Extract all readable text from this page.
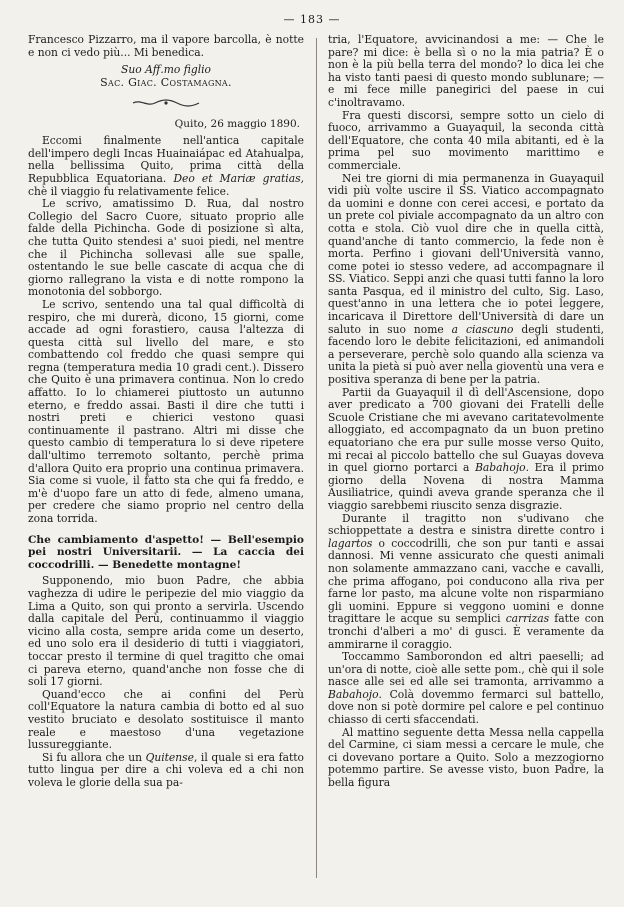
— 183 —

Francesco Pizzarro, ma il vapore barcolla, è notte e non ci vedo più... Mi benedica.

Suo Aff.mo figlio
Sac. Giac. Costamagna.
Quito, 26 maggio 1890.

Eccomi finalmente nell'antica capitale dell'impero degli Incas Huainaiápac ed Atahualpa, nella bellissima Quito, prima città della Repubblica Equatoriana. Deo et Mariæ gratias, chè il viaggio fu relativamente felice.

Le scrivo, amatissimo D. Rua, dal nostro Collegio del Sacro Cuore, situato proprio alle falde della Pichincha. Gode di posizione sì alta, che tutta Quito stendesi a' suoi piedi, nel mentre che il Pichincha sollevasi alle sue spalle, ostentando le sue belle cascate di acqua che di giorno rallegrano la vista e di notte rompono la monotonia del sobborgo.

Le scrivo, sentendo una tal qual difficoltà di respiro, che mi durerà, dicono, 15 giorni, come accade ad ogni forastiero, causa l'altezza di questa città sul livello del mare, e sto combattendo col freddo che quasi sempre qui regna (temperatura media 10 gradi cent.). Dissero che Quito è una primavera continua. Non lo credo affatto. Io lo chiamerei piuttosto un autunno eterno, e freddo assai. Basti il dire che tutti i nostri preti e chierici vestono quasi continuamente il pastrano. Altri mi disse che questo cambio di temperatura lo si deve ripetere dall'ultimo terremoto soltanto, perchè prima d'allora Quito era proprio una continua primavera. Sia come si vuole, il fatto sta che qui fa freddo, e m'è d'uopo fare un atto di fede, almeno umana, per credere che siamo proprio nel centro della zona torrida.

Che cambiamento d'aspetto! — Bell'esempio pei nostri Universitarii. — La caccia dei coccodrilli. — Benedette montagne!

Supponendo, mio buon Padre, che abbia vaghezza di udire le peripezie del mio viaggio da Lima a Quito, son qui pronto a servirla. Uscendo dalla capitale del Perù, continuammo il viaggio vicino alla costa, sempre arida come un deserto, ed uno solo era il desiderio di tutti i viaggiatori, toccar presto il termine di quel tragitto che omai ci pareva eterno, quand'anche non fosse che di soli 17 giorni.

Quand'ecco che ai confini del Perù coll'Equatore la natura cambia di botto ed al suo vestito bruciato e desolato sostituisce il manto reale e maestoso d'una vegetazione lussureggiante.

Si fu allora che un Quitense, il quale si era fatto tutto lingua per dire a chi voleva ed a chi non voleva le glorie della sua pa-

tria, l'Equatore, avvicinandosi a me: — Che le pare? mi dice: è bella sì o no la mia patria? È o non è la più bella terra del mondo? lo dica lei che ha visto tanti paesi di questo mondo sublunare; — e mi fece mille panegirici del paese in cui c'inoltravamo.

Fra questi discorsi, sempre sotto un cielo di fuoco, arrivammo a Guayaquil, la seconda città dell'Equatore, che conta 40 mila abitanti, ed è la prima pel suo movimento marittimo e commerciale.

Nei tre giorni di mia permanenza in Guayaquil vidi più volte uscire il SS. Viatico accompagnato da uomini e donne con cerei accesi, e portato da un prete col piviale accompagnato da un altro con cotta e stola. Ciò vuol dire che in quella città, quand'anche di tanto commercio, la fede non è morta. Perfino i giovani dell'Università vanno, come potei io stesso vedere, ad accompagnare il SS. Viatico. Seppi anzi che quasi tutti fanno la loro santa Pasqua, ed il ministro del culto, Sig. Laso, quest'anno in una lettera che io potei leggere, incaricava il Direttore dell'Università di dare un saluto in suo nome a ciascuno degli studenti, facendo loro le debite felicitazioni, ed animandoli a perseverare, perchè solo quando alla scienza va unita la pietà si può aver nella gioventù una vera e positiva speranza di bene per la patria.

Partii da Guayaquil il dì dell'Ascensione, dopo aver predicato a 700 giovani dei Fratelli delle Scuole Cristiane che mi avevano caritatevolmente alloggiato, ed accompagnato da un buon pretino equatoriano che era pur sulle mosse verso Quito, mi recai al piccolo battello che sul Guayas doveva in quel giorno portarci a Babahojo. Era il primo giorno della Novena di nostra Mamma Ausiliatrice, quindi aveva grande speranza che il viaggio sarebbemi riuscito senza disgrazie.

Durante il tragitto non s'udivano che schioppettate a destra e sinistra dirette contro i lagartos o coccodrilli, che son pur tanti e assai dannosi. Mi venne assicurato che questi animali non solamente ammazzano cani, vacche e cavalli, che prima affogano, poi conducono alla riva per farne lor pasto, ma alcune volte non risparmiano gli uomini. Eppure si veggono uomini e donne tragittare le acque su semplici carrizas fatte con tronchi d'alberi a mo' di gusci. È veramente da ammirarne il coraggio.

Toccammo Samborondon ed altri paeselli; ad un'ora di notte, cioè alle sette pom., chè qui il sole nasce alle sei ed alle sei tramonta, arrivammo a Babahojo. Colà dovemmo fermarci sul battello, dove non si potè dormire pel calore e pel continuo chiasso di certi sfaccendati.

Al mattino seguente detta Messa nella cappella del Carmine, ci siam messi a cercare le mule, che ci dovevano portare a Quito. Solo a mezzogiorno potemmo partire. Se avesse visto, buon Padre, la bella figura
